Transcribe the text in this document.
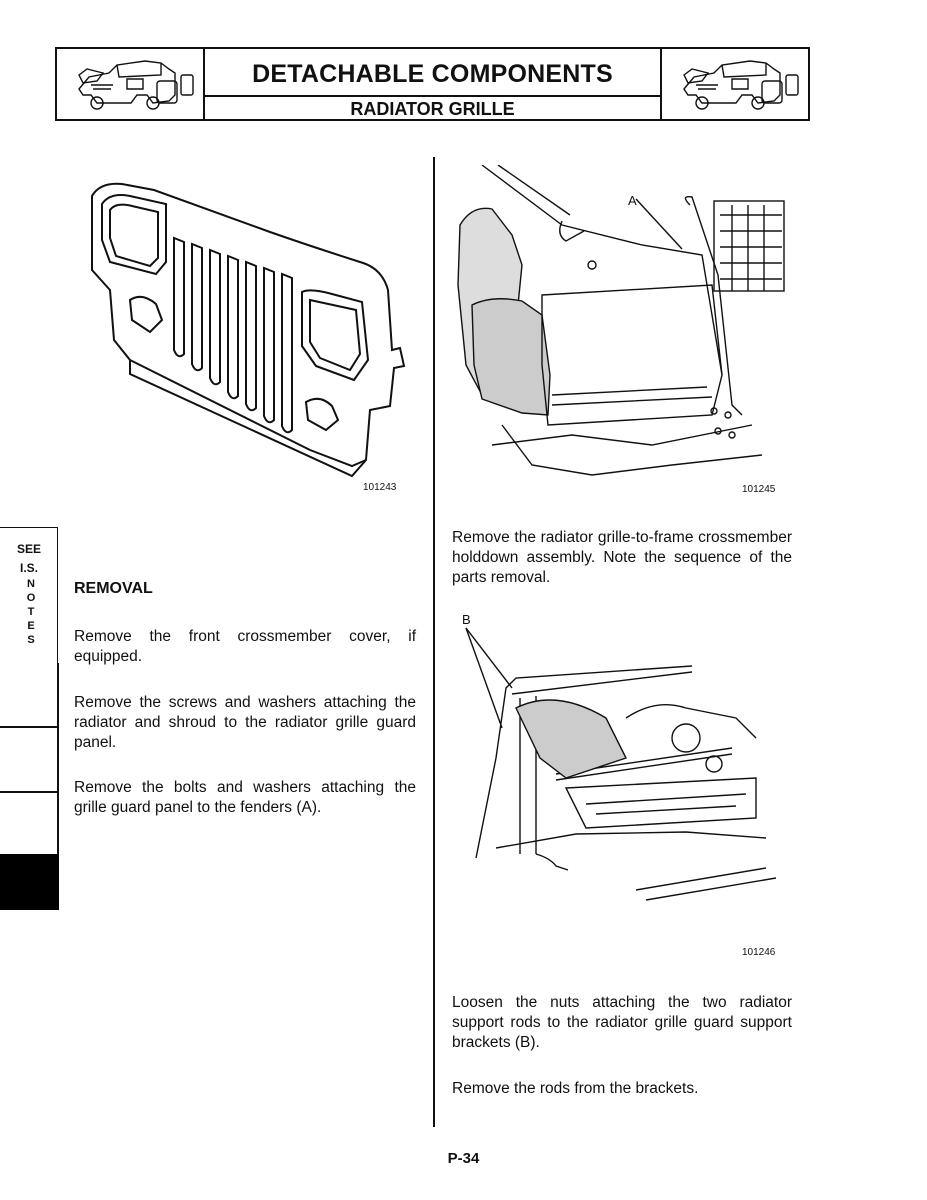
DETACHABLE COMPONENTS
RADIATOR GRILLE
101243
A
101245
SEE
I.S.
N
O
T
E
S
REMOVAL
Remove the front crossmember cover, if equipped.
Remove the screws and washers attaching the radiator and shroud to the radiator grille guard panel.
Remove the bolts and washers attaching the grille guard panel to the fenders (A).
Remove the radiator grille-to-frame crossmember holddown assembly. Note the sequence of the parts removal.
B
101246
Loosen the nuts attaching the two radiator support rods to the radiator grille guard support brackets (B).
Remove the rods from the brackets.
P-34
